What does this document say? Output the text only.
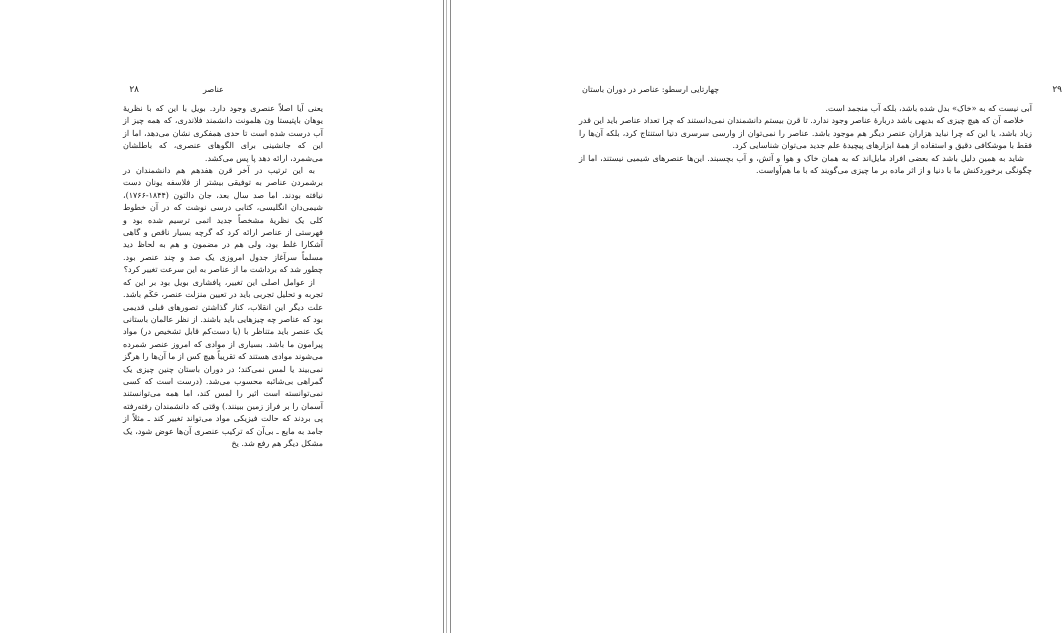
۲۸	عناصر

یعنی آیا اصلاً عنصری وجود دارد. بویل با این که با نظریهٔ یوهان باپتیستا ون هلمونت دانشمند فلاندری، که همه چیز از آب درست شده است تا حدی همفکری نشان می‌دهد، اما از این که جانشینی برای الگوهای عنصری، که باطلشان می‌شمرد، ارائه دهد پا پس می‌کشد.

به این ترتیب در آخر قرن هفدهم هم دانشمندان در برشمردن عناصر به توفیقی بیشتر از فلاسفه یونان دست نیافته بودند. اما صد سال بعد، جان دالتون (۱۸۴۴-۱۷۶۶)، شیمی‌دان انگلیسی، کتابی درسی نوشت که در آن خطوط کلی یک نظریهٔ مشخصاً جدید اتمی ترسیم شده بود و فهرستی از عناصر ارائه کرد که گرچه بسیار ناقص و گاهی آشکارا غلط بود، ولی هم در مضمون و هم به لحاظ دید مسلماً سرآغاز جدول امروزی یک صد و چند عنصر بود. چطور شد که برداشت ما از عناصر به این سرعت تغییر کرد؟

از عوامل اصلی این تغییر، پافشاری بویل بود بر این که تجربه و تحلیل تجربی باید در تعیین منزلت عنصر، حَکَم باشد. علت دیگر این انقلاب، کنار گذاشتن تصورهای قبلی قدیمی بود که عناصر چه چیزهایی باید باشند. از نظر عالمان باستانی یک عنصر باید متناظر با (یا دست‌کم قابل تشخیص در) مواد پیرامون ما باشد. بسیاری از موادی که امروز عنصر شمرده می‌شوند موادی هستند که تقریباً هیچ کس از ما آن‌ها را هرگز نمی‌بیند یا لمس نمی‌کند؛ در دوران باستان چنین چیزی یک گمراهی بی‌شائبه محسوب می‌شد. (درست است که کسی نمی‌توانسته است اثیر را لمس کند، اما همه می‌توانستند آسمان را بر فراز زمین ببینند.) وقتی که دانشمندان رفته‌رفته پی بردند که حالت فیزیکی مواد می‌تواند تغییر کند ـ مثلاً از جامد به مایع ـ بی‌آن که ترکیب عنصری آن‌ها عوض شود، یک مشکل دیگر هم رفع شد. یخ

۲۹
چهارتایی ارسطو: عناصر در دوران باستان

آبی نیست که به «خاک» بدل شده باشد، بلکه آب منجمد است.

خلاصه آن که هیچ چیزی که بدیهی باشد دربارهٔ عناصر وجود ندارد. تا قرن بیستم دانشمندان نمی‌دانستند که چرا تعداد عناصر باید این قدر زیاد باشد، یا این که چرا نباید هزاران عنصر دیگر هم موجود باشد. عناصر را نمی‌توان از وارسی سرسری دنیا استنتاج کرد، بلکه آن‌ها را فقط با موشکافی دقیق و استفاده از همهٔ ابزارهای پیچیدهٔ علم جدید می‌توان شناسایی کرد.

شاید به همین دلیل باشد که بعضی افراد مایل‌اند که به همان خاک و هوا و آتش، و آب بچسبند. این‌ها عنصرهای شیمیی نیستند، اما از چگونگی برخوردکنش ما با دنیا و از اثر ماده بر ما چیزی می‌گویند که با ما هم‌آواست.
